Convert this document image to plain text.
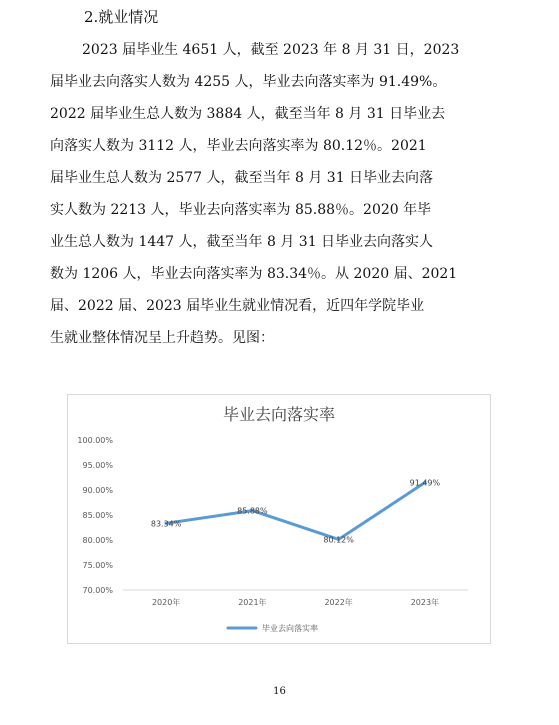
2.就业情况
2023 届毕业生 4651 人，截至 2023 年 8 月 31 日，2023
届毕业去向落实人数为 4255 人，毕业去向落实率为 91.49%。
2022 届毕业生总人数为 3884 人，截至当年 8 月 31 日毕业去
向落实人数为 3112 人，毕业去向落实率为 80.12％。2021
届毕业生总人数为 2577 人，截至当年 8 月 31 日毕业去向落
实人数为 2213 人，毕业去向落实率为 85.88％。2020 年毕
业生总人数为 1447 人，截至当年 8 月 31 日毕业去向落实人
数为 1206 人，毕业去向落实率为 83.34％。从 2020 届、2021
届、2022 届、2023 届毕业生就业情况看，近四年学院毕业
生就业整体情况呈上升趋势。见图：
毕业去向落实率
70.00%
75.00%
80.00%
85.00%
90.00%
95.00%
100.00%
2020年	2021年	2022年	2023年
83.34%
85.88%
80.12%
91.49%
毕业去向落实率
16
